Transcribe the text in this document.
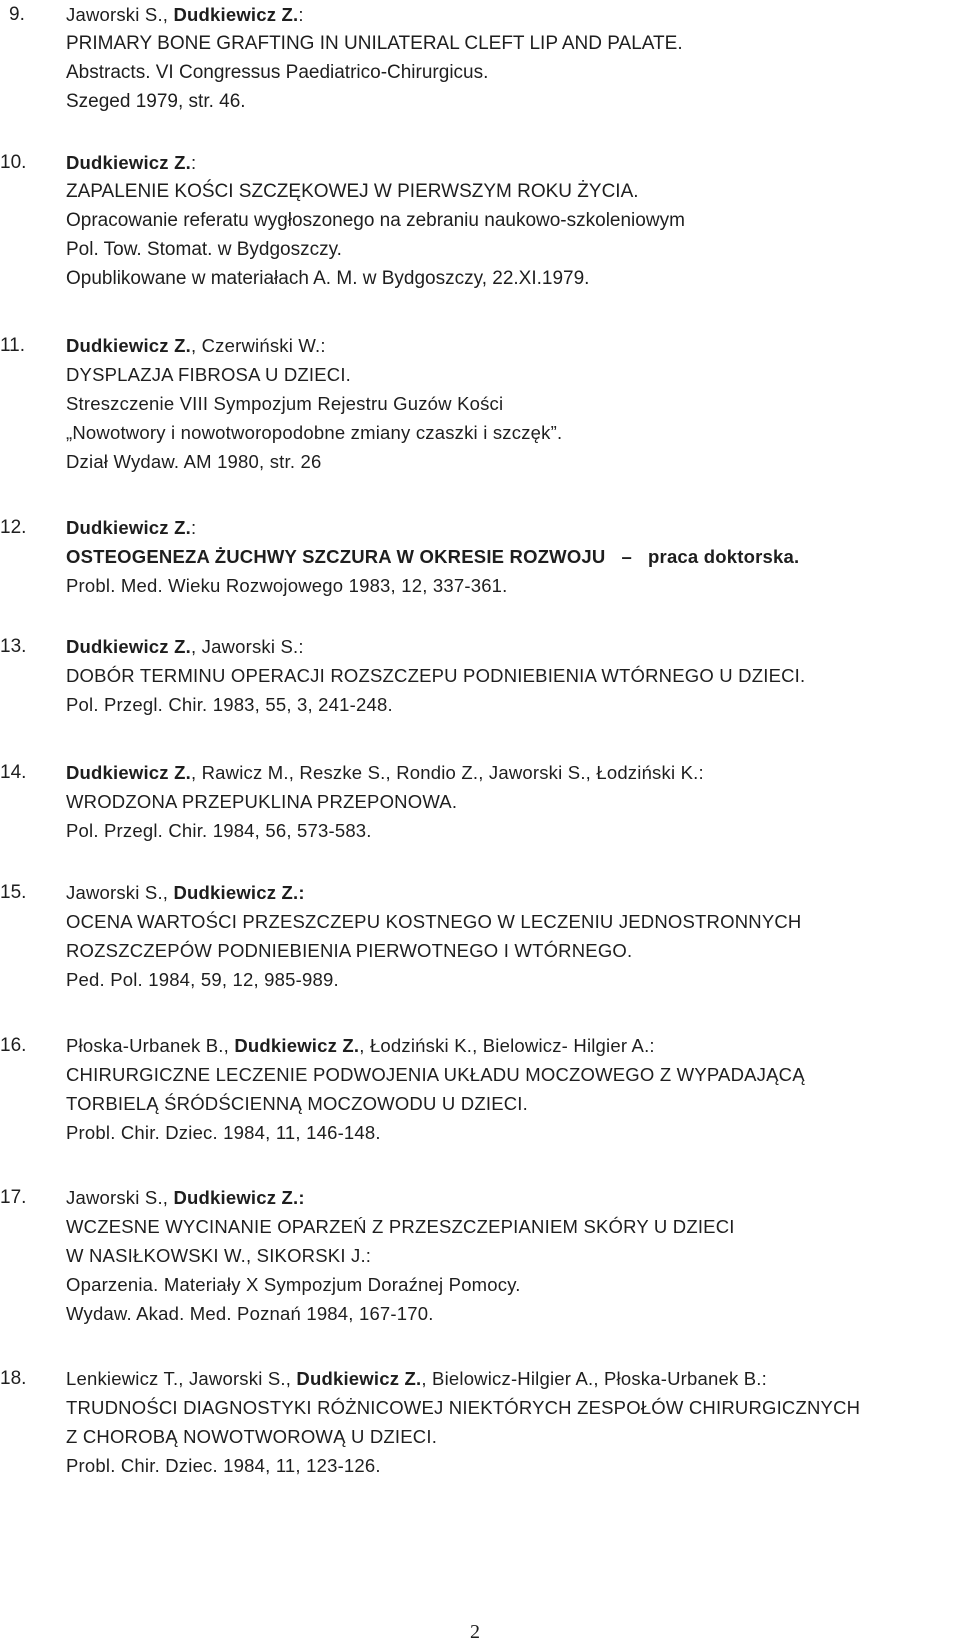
9. Jaworski S., Dudkiewicz Z.:
PRIMARY BONE GRAFTING IN UNILATERAL CLEFT LIP AND PALATE.
Abstracts. VI Congressus Paediatrico-Chirurgicus.
Szeged 1979, str. 46.
10. Dudkiewicz Z.:
ZAPALENIE KOŚCI SZCZĘKOWEJ W PIERWSZYM ROKU ŻYCIA.
Opracowanie referatu wygłoszonego na zebraniu naukowo-szkoleniowym
Pol. Tow. Stomat. w Bydgoszczy.
Opublikowane w materiałach A. M. w Bydgoszczy, 22.XI.1979.
11. Dudkiewicz Z., Czerwiński W.:
DYSPLAZJA FIBROSA U DZIECI.
Streszczenie VIII Sympozjum Rejestru Guzów Kości
„Nowotwory i nowotworopodobne zmiany czaszki i szczęk”.
Dział Wydaw. AM 1980, str. 26
12. Dudkiewicz Z.:
OSTEOGENEZA ŻUCHWY SZCZURA W OKRESIE ROZWOJU – praca doktorska.
Probl. Med. Wieku Rozwojowego 1983, 12, 337-361.
13. Dudkiewicz Z., Jaworski S.:
DOBÓR TERMINU OPERACJI ROZSZCZEPU PODNIEBIENIA WTÓRNEGO U DZIECI.
Pol. Przegl. Chir. 1983, 55, 3, 241-248.
14. Dudkiewicz Z., Rawicz M., Reszke S., Rondio Z., Jaworski S., Łodziński K.:
WRODZONA PRZEPUKLINA PRZEPONOWA.
Pol. Przegl. Chir. 1984, 56, 573-583.
15. Jaworski S., Dudkiewicz Z.:
OCENA WARTOŚCI PRZESZCZEPU KOSTNEGO W LECZENIU JEDNOSTRONNYCH
ROZSZCZEPÓW PODNIEBIENIA PIERWOTNEGO I WTÓRNEGO.
Ped. Pol. 1984, 59, 12, 985-989.
16. Płoska-Urbanek B., Dudkiewicz Z., Łodziński K., Bielowicz- Hilgier A.:
CHIRURGICZNE LECZENIE PODWOJENIA UKŁADU MOCZOWEGO Z WYPADAJĄCĄ
TORBIELĄ ŚRÓDŚCIENNĄ MOCZOWODU U DZIECI.
Probl. Chir. Dziec. 1984, 11, 146-148.
17. Jaworski S., Dudkiewicz Z.:
WCZESNE WYCINANIE OPARZEŃ Z PRZESZCZEPIANIEM SKÓRY U DZIECI
W NASIŁKOWSKI W., SIKORSKI J.:
Oparzenia. Materiały X Sympozjum Doraźnej Pomocy.
Wydaw. Akad. Med. Poznań 1984, 167-170.
18. Lenkiewicz T., Jaworski S., Dudkiewicz Z., Bielowicz-Hilgier A., Płoska-Urbanek B.:
TRUDNOŚCI DIAGNOSTYKI RÓŻNICOWEJ NIEKTÓRYCH ZESPOŁÓW CHIRURGICZNYCH
Z CHOROBĄ NOWOTWOROWĄ U DZIECI.
Probl. Chir. Dziec. 1984, 11, 123-126.
2
